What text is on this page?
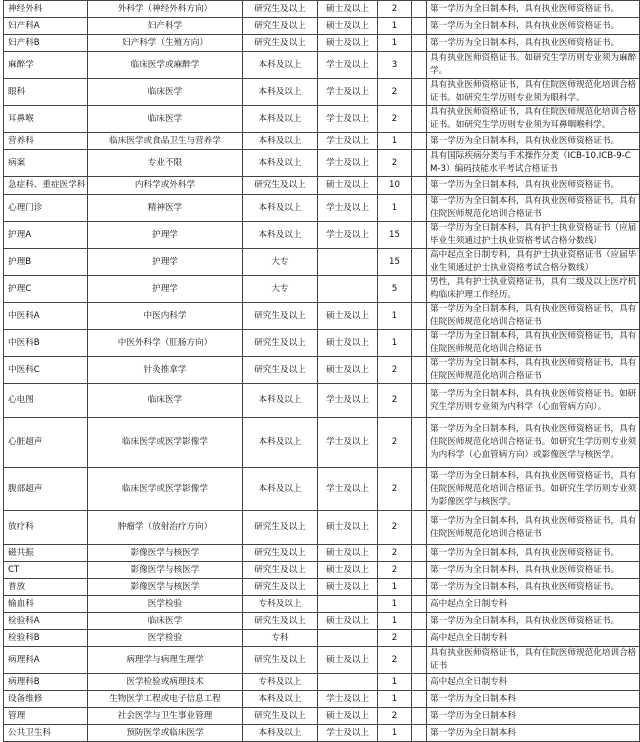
神经外科	外科学（神经外科方向）	研究生及以上	硕士及以上	2		第一学历为全日制本科，具有执业医师资格证书。
妇产科A	妇产科学	研究生及以上	硕士及以上	1		第一学历为全日制本科，具有执业医师资格证书。
妇产科B	妇产科学（生殖方向）	研究生及以上	硕士及以上	1		第一学历为全日制本科，具有执业医师资格证书。
麻醉学	临床医学或麻醉学	本科及以上	学士及以上	3		具有执业医师资格证书。如研究生学历则专业须为麻醉学。
眼科	临床医学	本科及以上	学士及以上	2		具有执业医师资格证书，具有住院医师规范化培训合格证书。如研究生学历则专业须为眼科学。
耳鼻喉	临床医学	本科及以上	学士及以上	2		具有执业医师资格证书，具有住院医师规范化培训合格证书。如研究生学历则专业须为耳鼻咽喉科学。
营养科	临床医学或食品卫生与营养学	本科及以上	学士及以上	1		第一学历为全日制本科，具有执业医师资格证书。
病案	专业不限	本科及以上	学士及以上	2		具有国际疾病分类与手术操作分类（ICB-10.ICB-9-CM-3）编码技能水平考试合格证书
急症科、重症医学科	内科学或外科学	研究生及以上	硕士及以上	10		第一学历为全日制本科，具有执业医师资格证书。
心理门诊	精神医学	本科及以上	学士及以上	1		第一学历为全日制本科，具有执业医师资格证书，具有住院医师规范化培训合格证书
护理A	护理学	本科及以上	学士及以上	15		第一学历为全日制本科，具有护士执业资格证书（应届毕业生须通过护士执业资格考试合格分数线）
护理B	护理学	大专		15		高中起点全日制专科，具有护士执业资格证书（应届毕业生须通过护士执业资格考试合格分数线）
护理C	护理学	大专		5		男性，具有护士执业资格证书，具有二级及以上医疗机构临床护理工作经历。
中医科A	中医内科学	研究生及以上	硕士及以上	1		第一学历为全日制本科，具有执业医师资格证书，具有住院医师规范化培训合格证书
中医科B	中医外科学（肛肠方向）	研究生及以上	硕士及以上	1		第一学历为全日制本科，具有执业医师资格证书，具有住院医师规范化培训合格证书
中医科C	针灸推拿学	研究生及以上	硕士及以上	2		第一学历为全日制本科，具有执业医师资格证书，具有住院医师规范化培训合格证书
心电图	临床医学	本科及以上	学士及以上	2		第一学历为全日制本科，具有执业医师资格证书。如研究生学历则专业须为内科学（心血管病方向）。
心脏超声	临床医学或医学影像学	本科及以上	学士及以上	2		第一学历为全日制本科，具有执业医师资格证书，具有住院医师规范化培训合格证书。如研究生学历则专业须为内科学（心血管病方向）或影像医学与核医学。
腹部超声	临床医学或医学影像学	本科及以上	学士及以上	2		第一学历为全日制本科，具有执业医师资格证书，具有住院医师规范化培训合格证书。如研究生学历则专业须为影像医学与核医学。
放疗科	肿瘤学（放射治疗方向）	研究生及以上	硕士及以上	2		第一学历为全日制本科，具有执业医师资格证书，具有住院医师规范化培训合格证书
磁共振	影像医学与核医学	研究生及以上	硕士及以上	2		第一学历为全日制本科，具有执业医师资格证书。
CT	影像医学与核医学	研究生及以上	硕士及以上	2		第一学历为全日制本科，具有执业医师资格证书。
普放	影像医学与核医学	研究生及以上	硕士及以上	1		第一学历为全日制本科，具有执业医师资格证书。
输血科	医学检验	专科及以上		1		高中起点全日制专科
检验科A	临床医学	研究生及以上	硕士及以上	1		第一学历为全日制本科，具有执业医师资格证书。
检验科B	医学检验	专科		2		高中起点全日制专科
病理科A	病理学与病理生理学	研究生及以上	硕士及以上	2		具有执业医师资格证书，具有住院医师规范化培训合格证书
病理科B	医学检验或病理技术	专科及以上		1		高中起点全日制专科
设备维修	生物医学工程或电子信息工程	本科及以上	学士及以上	1		第一学历为全日制本科
管理	社会医学与卫生事业管理	研究生及以上	硕士及以上	2		第一学历为全日制本科
公共卫生科	预防医学或临床医学	本科及以上	学士及以上	1		第一学历为全日制本科
